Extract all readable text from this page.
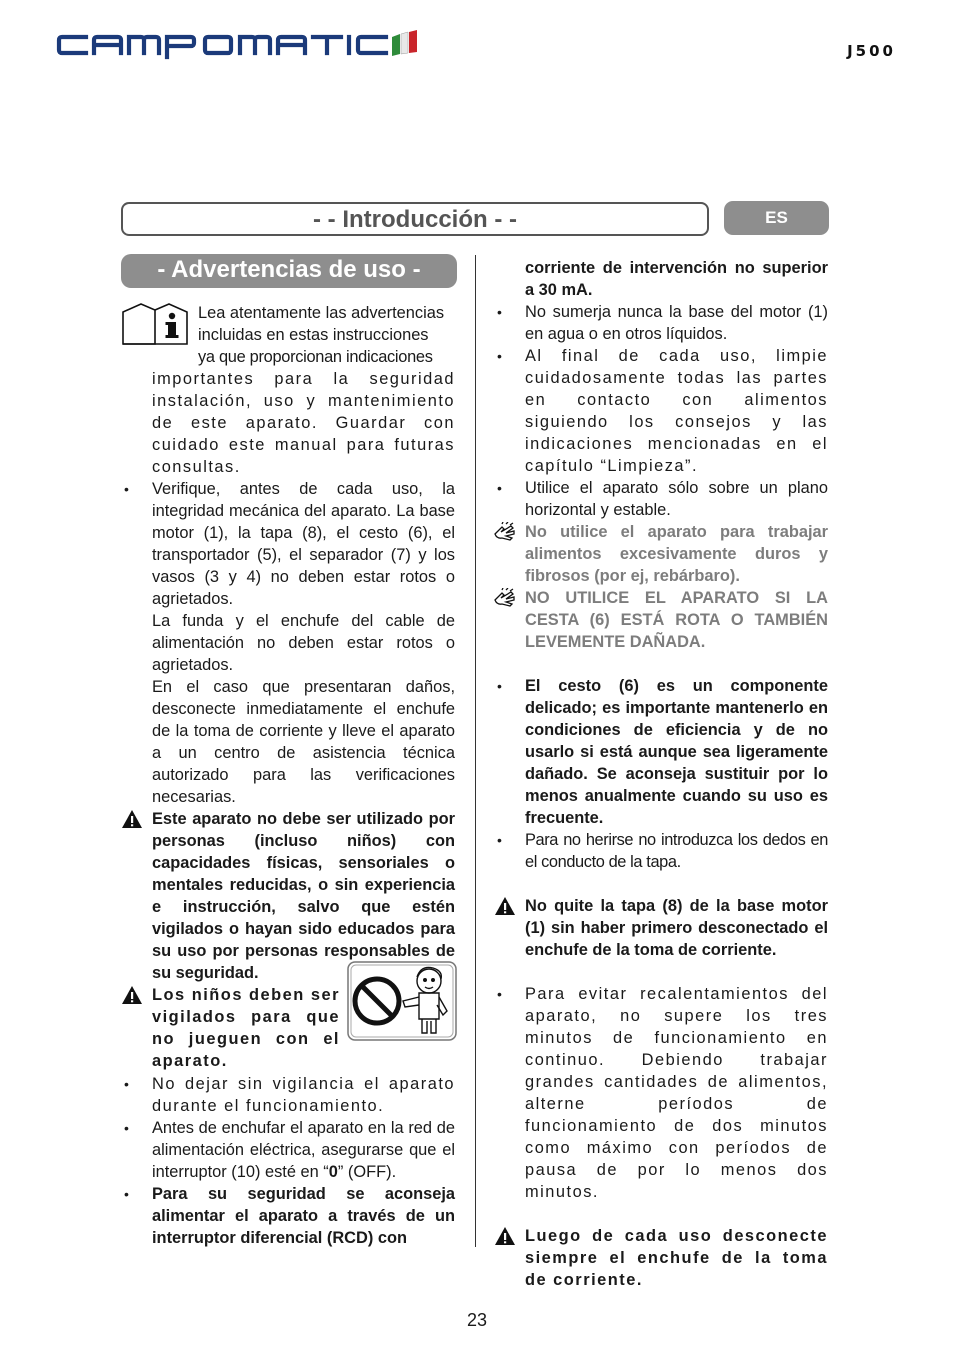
J500
- - Introducción - -	ES
- Advertencias de uso -

Lea atentamente las advertencias

incluidas en estas instrucciones

ya que proporcionan indicaciones

importantes para la seguridad instalación, uso y mantenimiento de este aparato. Guardar con cuidado este manual para futuras consultas.

• Verifique, antes de cada uso, la integridad mecánica del aparato. La base motor (1), la tapa (8), el cesto (6), el transportador (5), el separador (7) y los vasos (3 y 4) no deben estar rotos o agrietados.

La funda y el enchufe del cable de alimentación no deben estar rotos o agrietados.

En el caso que presentaran daños, desconecte inmediatamente el enchufe de la toma de corriente y lleve el aparato a un centro de asistencia técnica autorizado para las verificaciones necesarias.

Este aparato no debe ser utilizado por personas (incluso niños) con capacidades físicas, sensoriales o mentales reducidas, o sin experiencia e instrucción, salvo que estén vigilados o hayan sido educados para su uso por personas responsables de su seguridad.

Los niños deben ser vigilados para que no jueguen con el aparato.

• No dejar sin vigilancia el aparato durante el funcionamiento.

• Antes de enchufar el aparato en la red de alimentación eléctrica, asegurarse que el interruptor (10) esté en “0” (OFF).

• Para su seguridad se aconseja alimentar el aparato a través de un interruptor diferencial (RCD) con

corriente de intervención no superior a 30 mA.

• No sumerja nunca la base del motor (1) en agua o en otros líquidos.

• Al final de cada uso, limpie cuidadosamente todas las partes en contacto con alimentos siguiendo los consejos y las indicaciones mencionadas en el capítulo “Limpieza”.

• Utilice el aparato sólo sobre un plano horizontal y estable.

No utilice el aparato para trabajar alimentos excesivamente duros y fibrosos (por ej, rebárbaro).

NO UTILICE EL APARATO SI LA CESTA (6) ESTÁ ROTA O TAMBIÉN LEVEMENTE DAÑADA.

• El cesto (6) es un componente delicado; es importante mantenerlo en condiciones de eficiencia y de no usarlo si está aunque sea ligeramente dañado. Se aconseja sustituir por lo menos anualmente cuando su uso es frecuente.

• Para no herirse no introduzca los dedos en el conducto de la tapa.

No quite la tapa (8) de la base motor (1) sin haber primero desconectado el enchufe de la toma de corriente.

• Para evitar recalentamientos del aparato, no supere los tres minutos de funcionamiento en continuo. Debiendo trabajar grandes cantidades de alimentos, alterne períodos de funcionamiento de dos minutos como máximo con períodos de pausa de por lo menos dos minutos.

Luego de cada uso desconecte siempre el enchufe de la toma de corriente.

23
